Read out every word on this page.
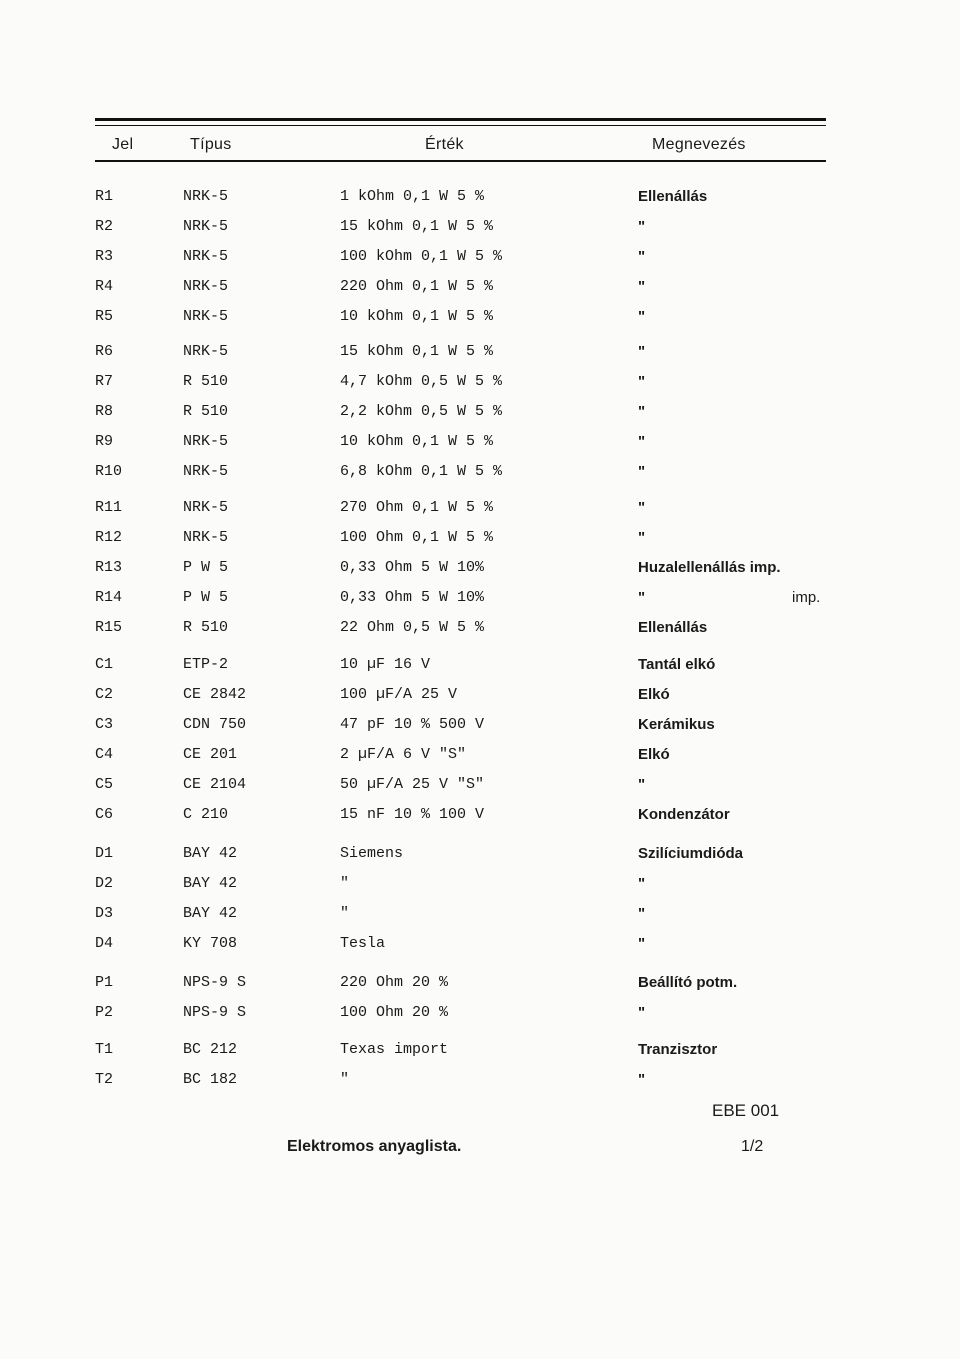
Jel	Típus	Érték	Megnevezés
R1	NRK-5	1 kOhm 0,1 W 5 %	Ellenállás
R2	NRK-5	15 kOhm 0,1 W 5 %	"
R3	NRK-5	100 kOhm 0,1 W 5 %	"
R4	NRK-5	220 Ohm 0,1 W 5 %	"
R5	NRK-5	10 kOhm 0,1 W 5 %	"
R6	NRK-5	15 kOhm 0,1 W 5 %	"
R7	R 510	4,7 kOhm 0,5 W 5 %	"
R8	R 510	2,2 kOhm 0,5 W 5 %	"
R9	NRK-5	10 kOhm 0,1 W 5 %	"
R10	NRK-5	6,8 kOhm 0,1 W 5 %	"
R11	NRK-5	270 Ohm 0,1 W 5 %	"
R12	NRK-5	100 Ohm 0,1 W 5 %	"
R13	P W 5	0,33 Ohm 5 W 10%	Huzalellenállás imp.
R14	P W 5	0,33 Ohm 5 W 10%	"	imp.
R15	R 510	22 Ohm 0,5 W 5 %	Ellenállás
C1	ETP-2	10 µF 16 V	Tantál elkó
C2	CE 2842	100 µF/A 25 V	Elkó
C3	CDN 750	47 pF 10 % 500 V	Kerámikus
C4	CE 201	2 µF/A 6 V "S"	Elkó
C5	CE 2104	50 µF/A 25 V "S"	"
C6	C 210	15 nF 10 % 100 V	Kondenzátor
D1	BAY 42	Siemens	Szilíciumdióda
D2	BAY 42	"	"
D3	BAY 42	"	"
D4	KY 708	Tesla	"
P1	NPS-9 S	220 Ohm 20 %	Beállító potm.
P2	NPS-9 S	100 Ohm 20 %	"
T1	BC 212	Texas import	Tranzisztor
T2	BC 182	"	"
EBE 001
Elektromos anyaglista.	1/2
